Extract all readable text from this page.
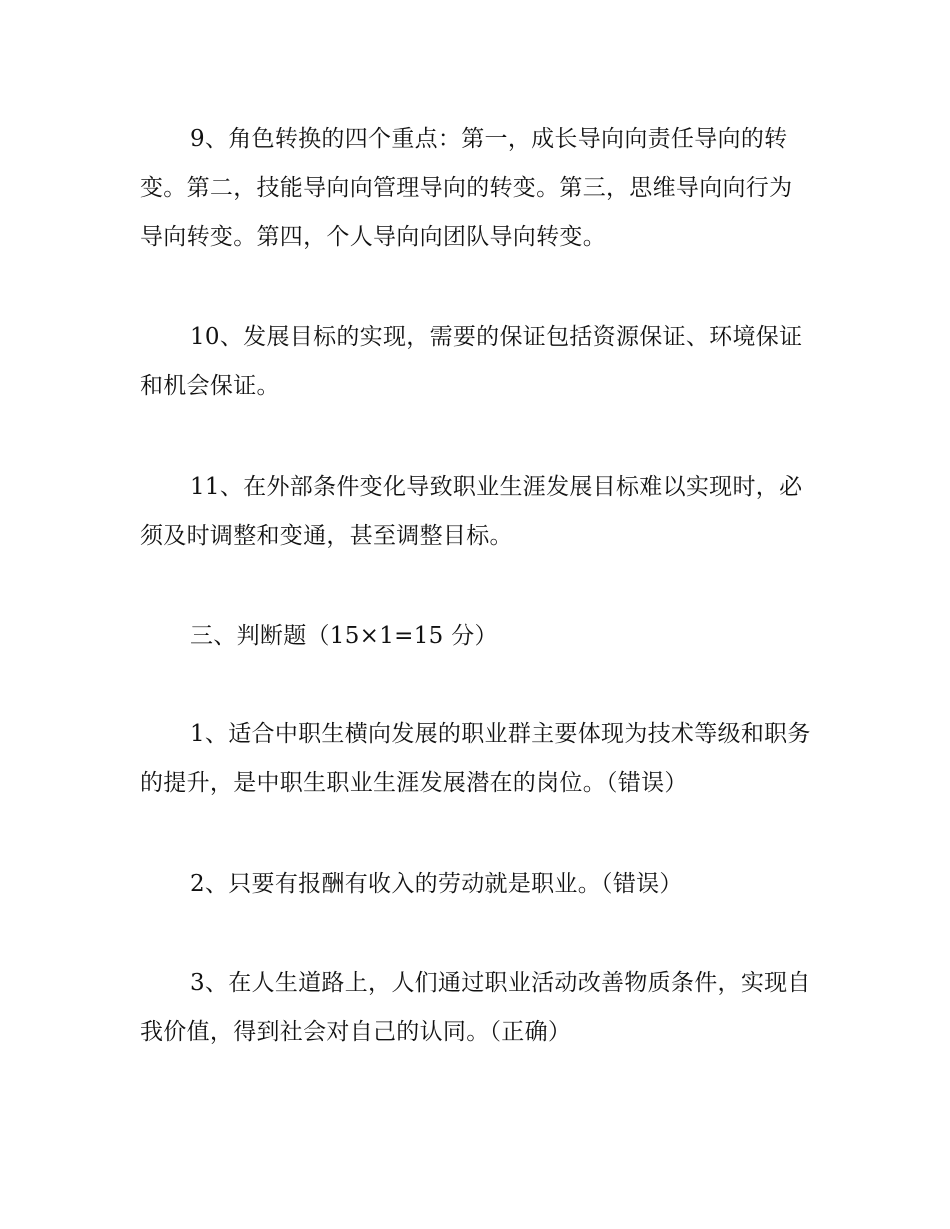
9、角色转换的四个重点：第一，成长导向向责任导向的转变。第二，技能导向向管理导向的转变。第三，思维导向向行为导向转变。第四，个人导向向团队导向转变。

10、发展目标的实现，需要的保证包括资源保证、环境保证和机会保证。

11、在外部条件变化导致职业生涯发展目标难以实现时，必须及时调整和变通，甚至调整目标。

三、判断题（15×1=15 分）

1、适合中职生横向发展的职业群主要体现为技术等级和职务的提升，是中职生职业生涯发展潜在的岗位。（错误）

2、只要有报酬有收入的劳动就是职业。（错误）

3、在人生道路上，人们通过职业活动改善物质条件，实现自我价值，得到社会对自己的认同。（正确）
